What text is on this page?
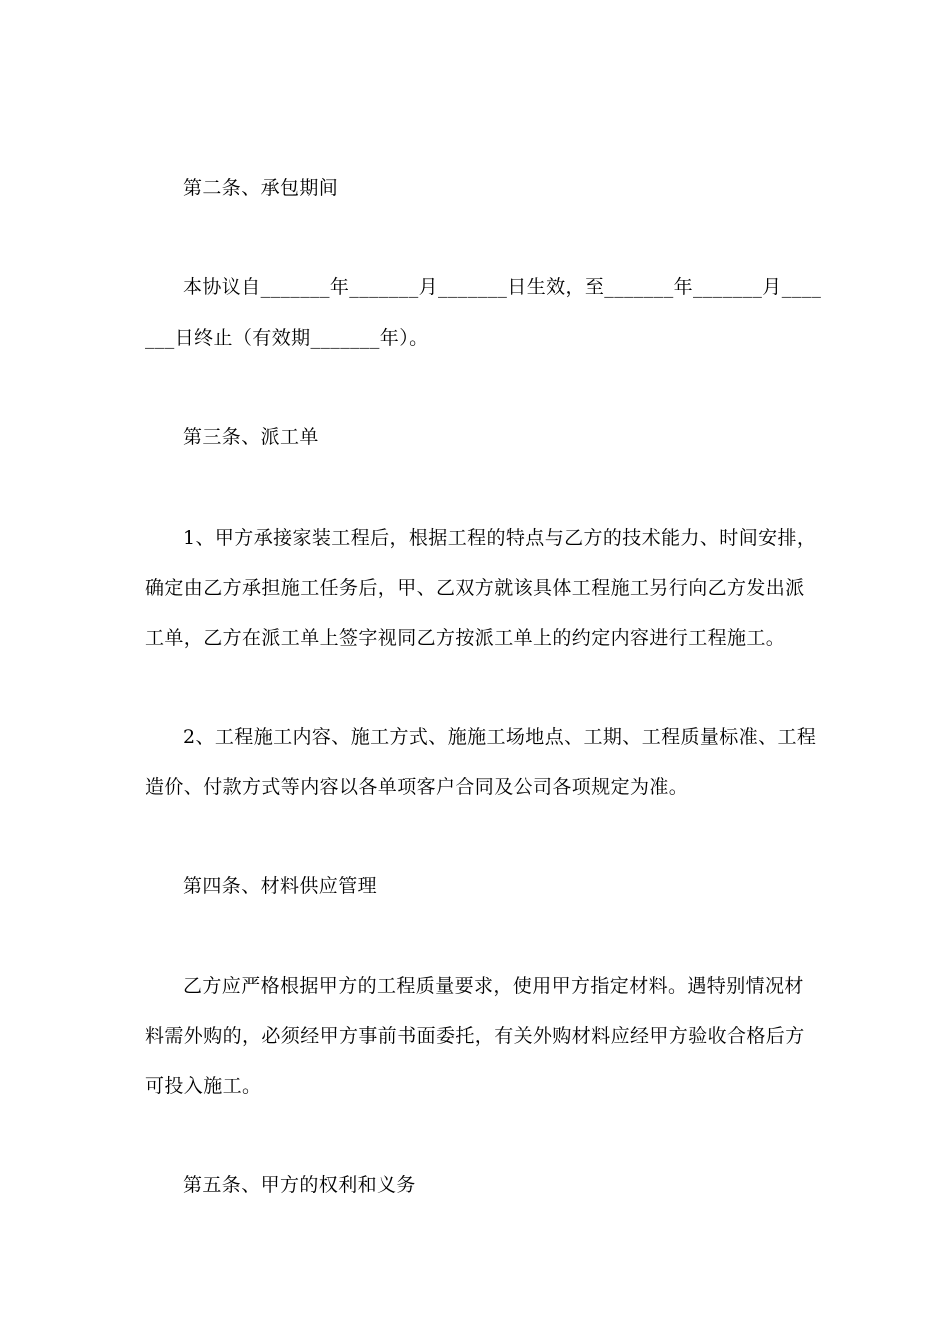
第二条、承包期间
本协议自_______年_______月_______日生效，至_______年_______月____
___日终止（有效期_______年）。
第三条、派工单
1、甲方承接家装工程后，根据工程的特点与乙方的技术能力、时间安排，
确定由乙方承担施工任务后，甲、乙双方就该具体工程施工另行向乙方发出派
工单，乙方在派工单上签字视同乙方按派工单上的约定内容进行工程施工。
2、工程施工内容、施工方式、施施工场地点、工期、工程质量标准、工程
造价、付款方式等内容以各单项客户合同及公司各项规定为准。
第四条、材料供应管理
乙方应严格根据甲方的工程质量要求，使用甲方指定材料。遇特别情况材
料需外购的，必须经甲方事前书面委托，有关外购材料应经甲方验收合格后方
可投入施工。
第五条、甲方的权利和义务
